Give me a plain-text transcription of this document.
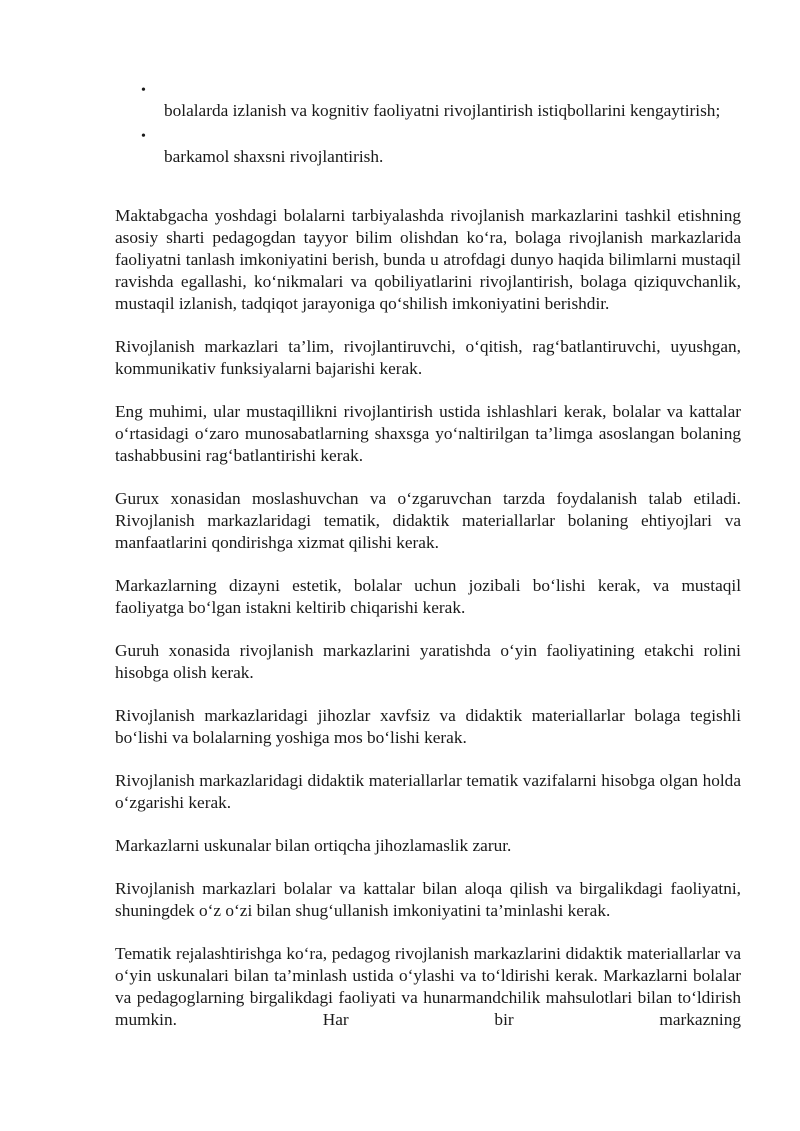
•
bolalarda izlanish va kognitiv faoliyatni rivojlantirish istiqbollarini kengaytirish;
•
barkamol shaxsni rivojlantirish.

Maktabgacha yoshdagi bolalarni tarbiyalashda rivojlanish markazlarini tashkil etishning asosiy sharti pedagogdan tayyor bilim olishdan ko‘ra, bolaga rivojlanish markazlarida faoliyatni tanlash imkoniyatini berish, bunda u atrofdagi dunyo haqida bilimlarni mustaqil ravishda egallashi, ko‘nikmalari va qobiliyatlarini rivojlantirish, bolaga qiziquvchanlik, mustaqil izlanish, tadqiqot jarayoniga qo‘shilish imkoniyatini berishdir.

Rivojlanish markazlari ta’lim, rivojlantiruvchi, o‘qitish, rag‘batlantiruvchi, uyushgan, kommunikativ funksiyalarni bajarishi kerak.

Eng muhimi, ular mustaqillikni rivojlantirish ustida ishlashlari kerak, bolalar va kattalar o‘rtasidagi o‘zaro munosabatlarning shaxsga yo‘naltirilgan ta’limga asoslangan bolaning tashabbusini rag‘batlantirishi kerak.

Gurux xonasidan moslashuvchan va o‘zgaruvchan tarzda foydalanish talab etiladi. Rivojlanish markazlaridagi tematik, didaktik materiallarlar bolaning ehtiyojlari va manfaatlarini qondirishga xizmat qilishi kerak.

Markazlarning dizayni estetik, bolalar uchun jozibali bo‘lishi kerak, va mustaqil faoliyatga bo‘lgan istakni keltirib chiqarishi kerak.

Guruh xonasida rivojlanish markazlarini yaratishda o‘yin faoliyatining etakchi rolini hisobga olish kerak.

Rivojlanish markazlaridagi jihozlar xavfsiz va didaktik materiallarlar bolaga tegishli bo‘lishi va bolalarning yoshiga mos bo‘lishi kerak.

Rivojlanish markazlaridagi didaktik materiallarlar tematik vazifalarni hisobga olgan holda o‘zgarishi kerak.

Markazlarni uskunalar bilan ortiqcha jihozlamaslik zarur.

Rivojlanish markazlari bolalar va kattalar bilan aloqa qilish va birgalikdagi faoliyatni, shuningdek o‘z o‘zi bilan shug‘ullanish imkoniyatini ta’minlashi kerak.

Tematik rejalashtirishga ko‘ra, pedagog rivojlanish markazlarini didaktik materiallarlar va o‘yin uskunalari bilan ta’minlash ustida o‘ylashi va to‘ldirishi kerak. Markazlarni bolalar va pedagoglarning birgalikdagi faoliyati va hunarmandchilik mahsulotlari bilan to‘ldirish mumkin. Har bir markazning
